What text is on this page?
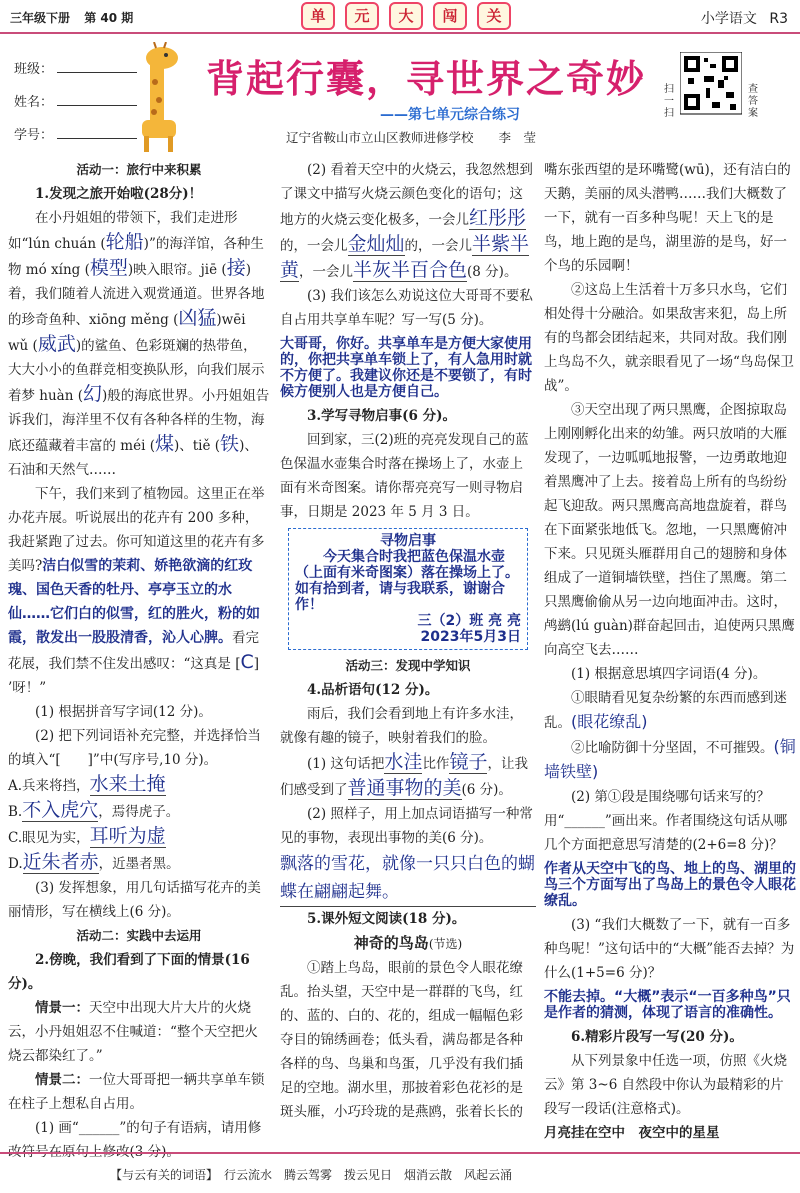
三年级下册 第 40 期	单	元	大	闯	关	小学语文 R3
班级：
姓名：
学号：
背起行囊，寻世界之奇妙
——第七单元综合练习
辽宁省鞍山市立山区教师进修学校　　李　莹
扫一扫
查答案
活动一：旅行中来积累

1.发现之旅开始啦(28分)！

在小丹姐姐的带领下，我们走进形如“lún chuán (轮船)”的海洋馆，各种生物 mó xíng (模型)映入眼帘。jiē (接)着，我们随着人流进入观赏通道。世界各地的珍奇鱼种、xiōng měng (凶猛)wēi wǔ (威武)的鲨鱼、色彩斑斓的热带鱼，大大小小的鱼群竞相变换队形，向我们展示着梦 huàn (幻)般的海底世界。小丹姐姐告诉我们，海洋里不仅有各种各样的生物，海底还蕴藏着丰富的 méi (煤)、tiě (铁)、石油和天然气……

下午，我们来到了植物园。这里正在举办花卉展。听说展出的花卉有 200 多种，我赶紧跑了过去。你可知道这里的花卉有多美吗?洁白似雪的茉莉、娇艳欲滴的红玫瑰、国色天香的牡丹、亭亭玉立的水仙……它们白的似雪，红的胜火，粉的如霞，散发出一股股清香，沁人心脾。看完花展，我们禁不住发出感叹：“这真是 [C] ’呀！”

(1) 根据拼音写字词(12 分)。

(2) 把下列词语补充完整，并选择恰当的填入“[　　]”中(写序号,10 分)。

A.兵来将挡，水来土掩

B.不入虎穴，焉得虎子。

C.眼见为实，耳听为虚

D.近朱者赤，近墨者黑。

(3) 发挥想象，用几句话描写花卉的美丽情形，写在横线上(6 分)。

活动二：实践中去运用

2.傍晚，我们看到了下面的情景(16 分)。

情景一：天空中出现大片大片的火烧云，小丹姐姐忍不住喊道：“整个天空把火烧云都染红了。”

情景二：一位大哥哥把一辆共享单车锁在柱子上想私自占用。

(1) 画“______”的句子有语病，请用修改符号在原句上修改(3 分)。

(2) 看着天空中的火烧云，我忽然想到了课文中描写火烧云颜色变化的语句；这地方的火烧云变化极多，一会儿红彤彤的，一会儿金灿灿的，一会儿半紫半黄，一会儿半灰半百合色(8 分)。

(3) 我们该怎么劝说这位大哥哥不要私自占用共享单车呢？写一写(5 分)。

大哥哥，你好。共享单车是方便大家使用的，你把共享单车锁上了，有人急用时就不方便了。我建议你还是不要锁了，有时候方便别人也是方便自己。

3.学写寻物启事(6 分)。

回到家，三(2)班的亮亮发现自己的蓝色保温水壶集合时落在操场上了，水壶上面有米奇图案。请你帮亮亮写一则寻物启事，日期是 2023 年 5 月 3 日。

寻物启事
今天集合时我把蓝色保温水壶（上面有米奇图案）落在操场上了。如有拾到者，请与我联系，谢谢合作！
三（2）班 亮 亮
2023年5月3日
活动三：发现中学知识

4.品析语句(12 分)。

雨后，我们会看到地上有许多水洼，就像有趣的镜子，映射着我们的脸。

(1) 这句话把水洼比作镜子，让我们感受到了普通事物的美(6 分)。

(2) 照样子，用上加点词语描写一种常见的事物，表现出事物的美(6 分)。

飘落的雪花，就像一只只白色的蝴蝶在翩翩起舞。

5.课外短文阅读(18 分)。

神奇的鸟岛(节选)

①踏上鸟岛，眼前的景色令人眼花缭乱。抬头望，天空中是一群群的飞鸟，红的、蓝的、白的、花的，组成一幅幅色彩夺目的锦绣画卷；低头看，满岛都是各种各样的鸟、鸟巢和鸟蛋，几乎没有我们插足的空地。湖水里，那披着彩色花衫的是斑头雁，小巧玲珑的是燕鸥，张着长长的

嘴东张西望的是环嘴鹭(wū)，还有洁白的天鹅，美丽的凤头潜鸭……我们大概数了一下，就有一百多种鸟呢！天上飞的是鸟，地上跑的是鸟，湖里游的是鸟，好一个鸟的乐园啊！

②这岛上生活着十万多只水鸟，它们相处得十分融洽。如果敌害来犯，岛上所有的鸟都会团结起来，共同对敌。我们刚上鸟岛不久，就亲眼看见了一场“鸟岛保卫战”。

③天空出现了两只黑鹰，企图掠取岛上刚刚孵化出来的幼雏。两只放哨的大雁发现了，一边呱呱地报警，一边勇敢地迎着黑鹰冲了上去。接着岛上所有的鸟纷纷起飞迎敌。两只黑鹰高高地盘旋着，群鸟在下面紧张地低飞。忽地，一只黑鹰俯冲下来。只见斑头雁群用自己的翅膀和身体组成了一道铜墙铁壁，挡住了黑鹰。第二只黑鹰偷偷从另一边向地面冲击。这时，鸬鹚(lú guàn)群奋起回击，迫使两只黑鹰向高空飞去……

(1) 根据意思填四字词语(4 分)。

①眼睛看见复杂纷繁的东西而感到迷乱。(眼花缭乱)

②比喻防御十分坚固，不可摧毁。(铜墙铁壁)

(2) 第①段是围绕哪句话来写的？用“______”画出来。作者围绕这句话从哪几个方面把意思写清楚的(2+6=8 分)？

作者从天空中飞的鸟、地上的鸟、湖里的鸟三个方面写出了鸟岛上的景色令人眼花缭乱。

(3) “我们大概数了一下，就有一百多种鸟呢！”这句话中的“大概”能否去掉？为什么(1+5=6 分)？

不能去掉。“大概”表示“一百多种鸟”只是作者的猜测，体现了语言的准确性。

6.精彩片段写一写(20 分)。

从下列景象中任选一项，仿照《火烧云》第 3~6 自然段中你认为最精彩的片段写一段话(注意格式)。

月亮挂在空中　夜空中的星星

【与云有关的词语】　行云流水　腾云驾雾　拨云见日　烟消云散　风起云涌
